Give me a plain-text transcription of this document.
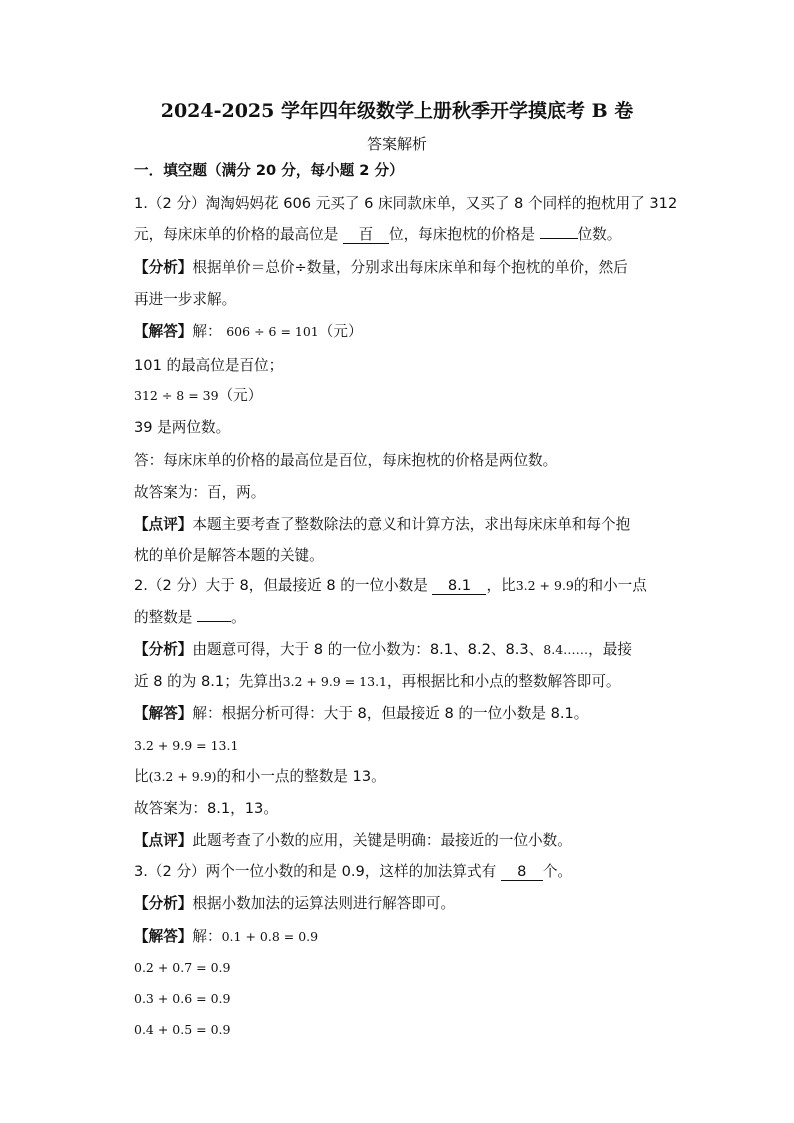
2024-2025 学年四年级数学上册秋季开学摸底考 B 卷
答案解析
一．填空题（满分 20 分，每小题 2 分）
1.（2 分）淘淘妈妈花 606 元买了 6 床同款床单，又买了 8 个同样的抱枕用了 312
元，每床床单的价格的最高位是 百 位，每床抱枕的价格是	位数。
【分析】根据单价＝总价÷数量，分别求出每床床单和每个抱枕的单价，然后
再进一步求解。
【解答】解： 606 ÷ 6 = 101（元）
101 的最高位是百位；
312 ÷ 8 = 39（元）
39 是两位数。
答：每床床单的价格的最高位是百位，每床抱枕的价格是两位数。
故答案为：百，两。
【点评】本题主要考查了整数除法的意义和计算方法，求出每床床单和每个抱
枕的单价是解答本题的关键。
2.（2 分）大于 8，但最接近 8 的一位小数是 8.1 ，比3.2 + 9.9的和小一点
的整数是	。
【分析】由题意可得，大于 8 的一位小数为：8.1、8.2、8.3、8.4……，最接
近 8 的为 8.1；先算出3.2 + 9.9 = 13.1，再根据比和小点的整数解答即可。
【解答】解：根据分析可得：大于 8，但最接近 8 的一位小数是 8.1。
3.2 + 9.9 = 13.1
比(3.2 + 9.9)的和小一点的整数是 13。
故答案为：8.1，13。
【点评】此题考查了小数的应用，关键是明确：最接近的一位小数。
3.（2 分）两个一位小数的和是 0.9，这样的加法算式有 8 个。
【分析】根据小数加法的运算法则进行解答即可。
【解答】解：0.1 + 0.8 = 0.9
0.2 + 0.7 = 0.9
0.3 + 0.6 = 0.9
0.4 + 0.5 = 0.9
